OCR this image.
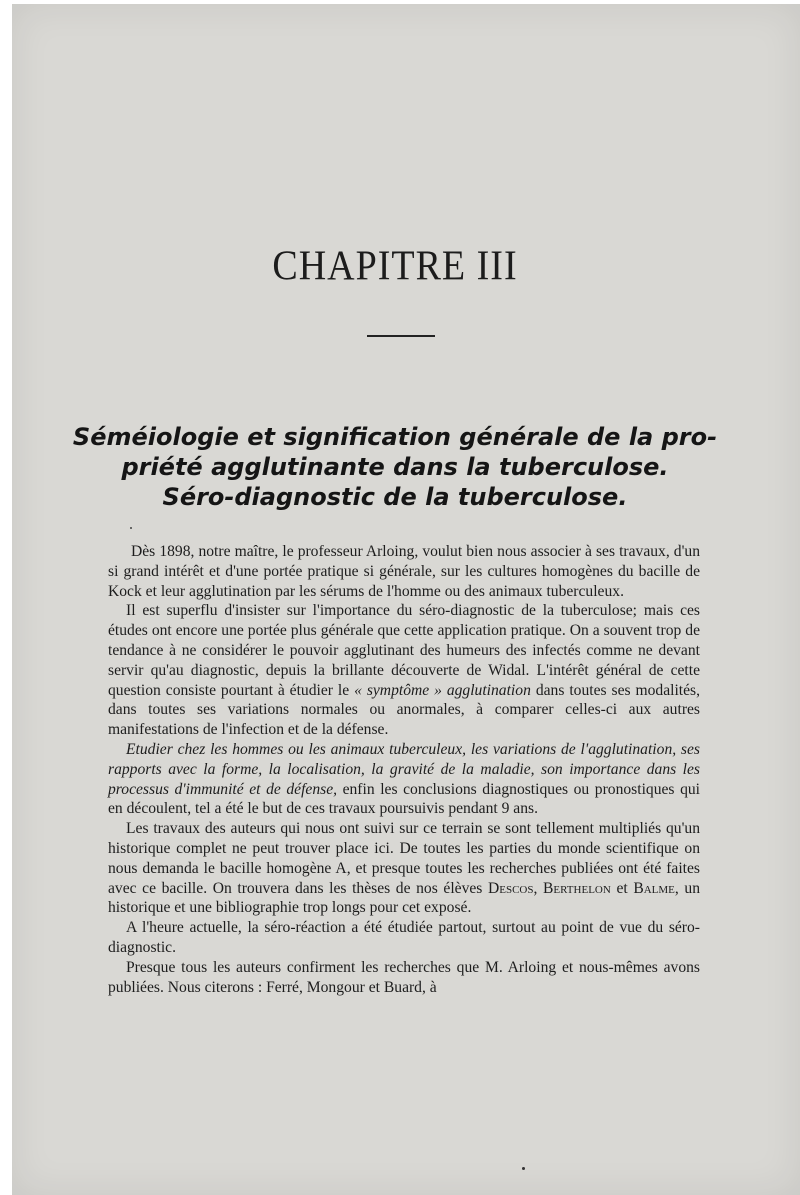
CHAPITRE III
Séméiologie et signification générale de la pro-
priété agglutinante dans la tuberculose.
Séro-diagnostic de la tuberculose.

Dès 1898, notre maître, le professeur Arloing, voulut bien nous associer à ses travaux, d'un si grand intérêt et d'une portée pratique si générale, sur les cultures homogènes du bacille de Kock et leur agglutination par les sérums de l'homme ou des animaux tuberculeux.

Il est superflu d'insister sur l'importance du séro-diagnostic de la tuberculose; mais ces études ont encore une portée plus générale que cette application pratique. On a souvent trop de tendance à ne considérer le pouvoir agglutinant des humeurs des infectés comme ne devant servir qu'au diagnostic, depuis la brillante découverte de Widal. L'intérêt général de cette question consiste pourtant à étudier le « symptôme » agglutination dans toutes ses modalités, dans toutes ses variations normales ou anormales, à comparer celles-ci aux autres manifestations de l'infection et de la défense.

Etudier chez les hommes ou les animaux tuberculeux, les variations de l'agglutination, ses rapports avec la forme, la localisation, la gravité de la maladie, son importance dans les processus d'immunité et de défense, enfin les conclusions diagnostiques ou pronostiques qui en découlent, tel a été le but de ces travaux poursuivis pendant 9 ans.

Les travaux des auteurs qui nous ont suivi sur ce terrain se sont tellement multipliés qu'un historique complet ne peut trouver place ici. De toutes les parties du monde scientifique on nous demanda le bacille homogène A, et presque toutes les recherches publiées ont été faites avec ce bacille. On trouvera dans les thèses de nos élèves Descos, Berthelon et Balme, un historique et une bibliographie trop longs pour cet exposé.

A l'heure actuelle, la séro-réaction a été étudiée partout, surtout au point de vue du séro-diagnostic.

Presque tous les auteurs confirment les recherches que M. Arloing et nous-mêmes avons publiées. Nous citerons : Ferré, Mongour et Buard, à
